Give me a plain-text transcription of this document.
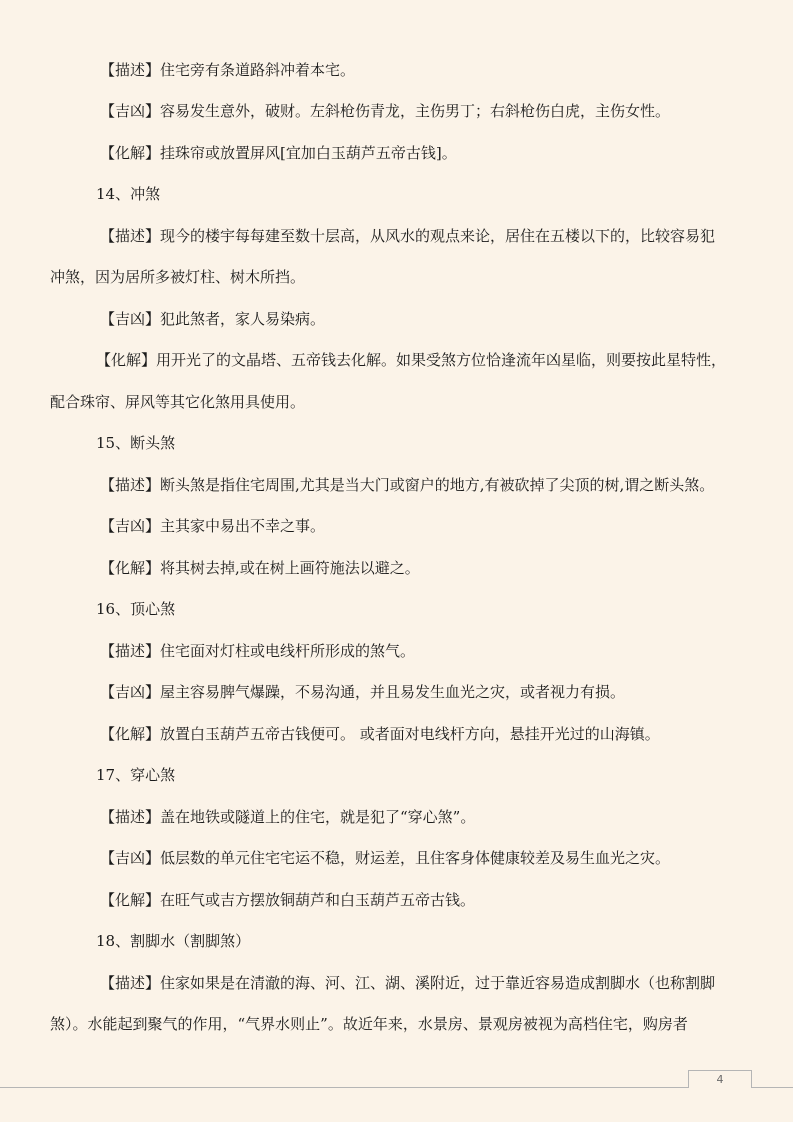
【描述】住宅旁有条道路斜冲着本宅。
【吉凶】容易发生意外，破财。左斜枪伤青龙，主伤男丁；右斜枪伤白虎，主伤女性。
【化解】挂珠帘或放置屏风[宜加白玉葫芦五帝古钱]。
14、冲煞
【描述】现今的楼宇每每建至数十层高，从风水的观点来论，居住在五楼以下的，比较容易犯
冲煞，因为居所多被灯柱、树木所挡。
【吉凶】犯此煞者，家人易染病。
【化解】用开光了的文晶塔、五帝钱去化解。如果受煞方位恰逢流年凶星临，则要按此星特性，
配合珠帘、屏风等其它化煞用具使用。
15、断头煞
【描述】断头煞是指住宅周围,尤其是当大门或窗户的地方,有被砍掉了尖顶的树,谓之断头煞。
【吉凶】主其家中易出不幸之事。
【化解】将其树去掉,或在树上画符施法以避之。
16、顶心煞
【描述】住宅面对灯柱或电线杆所形成的煞气。
【吉凶】屋主容易脾气爆躁，不易沟通，并且易发生血光之灾，或者视力有损。
【化解】放置白玉葫芦五帝古钱便可。 或者面对电线杆方向，悬挂开光过的山海镇。
17、穿心煞
【描述】盖在地铁或隧道上的住宅，就是犯了“穿心煞”。
【吉凶】低层数的单元住宅宅运不稳，财运差，且住客身体健康较差及易生血光之灾。
【化解】在旺气或吉方摆放铜葫芦和白玉葫芦五帝古钱。
18、割脚水（割脚煞）
【描述】住家如果是在清澈的海、河、江、湖、溪附近，过于靠近容易造成割脚水（也称割脚
煞）。水能起到聚气的作用，“气界水则止”。故近年来，水景房、景观房被视为高档住宅，购房者
4
